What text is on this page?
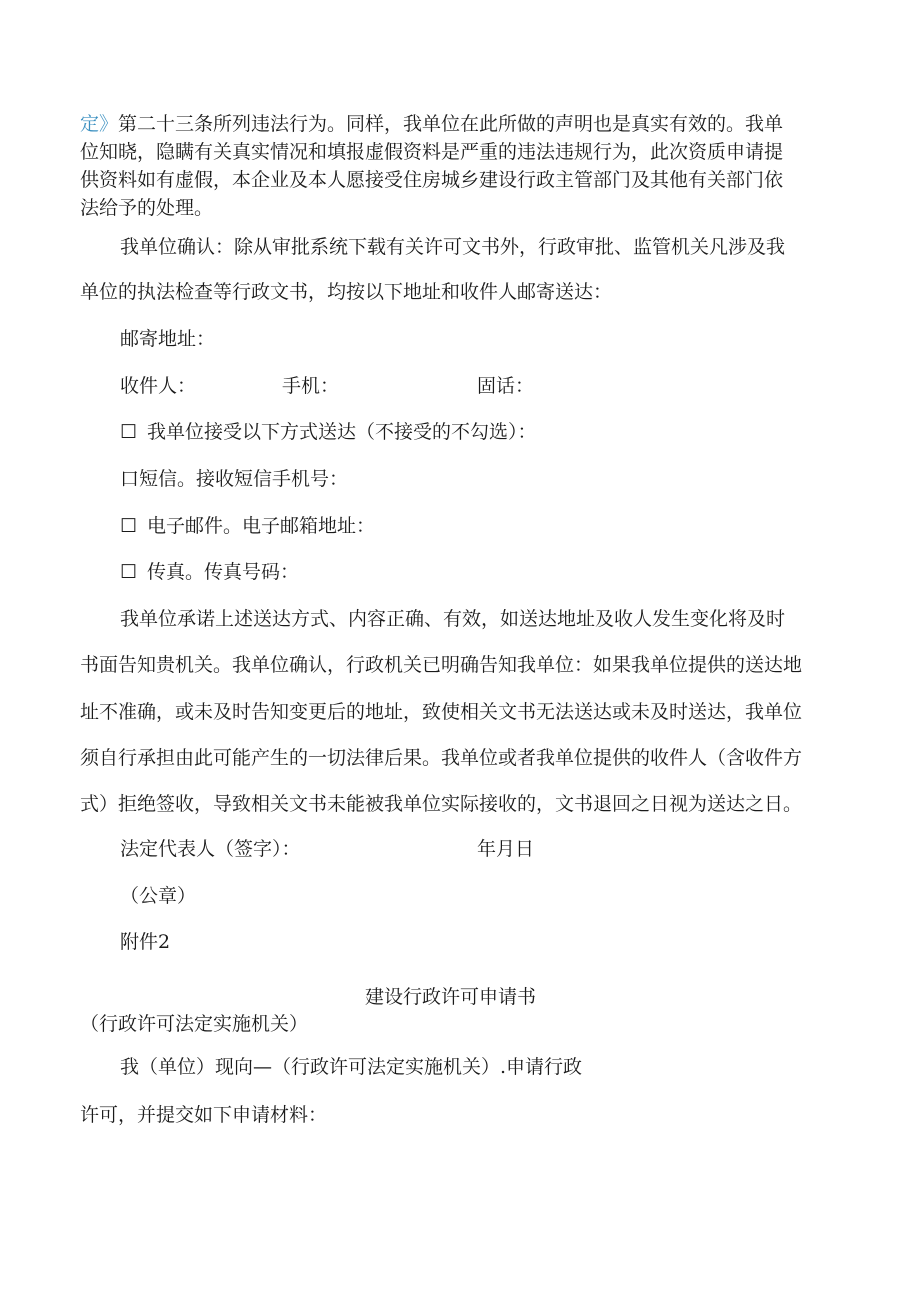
定》第二十三条所列违法行为。同样，我单位在此所做的声明也是真实有效的。我单
位知晓，隐瞒有关真实情况和填报虚假资料是严重的违法违规行为，此次资质申请提
供资料如有虚假，本企业及本人愿接受住房城乡建设行政主管部门及其他有关部门依
法给予的处理。
我单位确认：除从审批系统下载有关许可文书外，行政审批、监管机关凡涉及我
单位的执法检查等行政文书，均按以下地址和收件人邮寄送达：
邮寄地址：
收件人：	手机：	固话：
☐ 我单位接受以下方式送达（不接受的不勾选）：
口短信。接收短信手机号：
☐ 电子邮件。电子邮箱地址：
☐ 传真。传真号码：
我单位承诺上述送达方式、内容正确、有效，如送达地址及收人发生变化将及时
书面告知贵机关。我单位确认，行政机关已明确告知我单位：如果我单位提供的送达地
址不准确，或未及时告知变更后的地址，致使相关文书无法送达或未及时送达，我单位
须自行承担由此可能产生的一切法律后果。我单位或者我单位提供的收件人（含收件方
式）拒绝签收，导致相关文书未能被我单位实际接收的，文书退回之日视为送达之日。
法定代表人（签字）：	年月日
（公章）
附件2
建设行政许可申请书
（行政许可法定实施机关）
我（单位）现向—（行政许可法定实施机关）.申请行政
许可，并提交如下申请材料：
